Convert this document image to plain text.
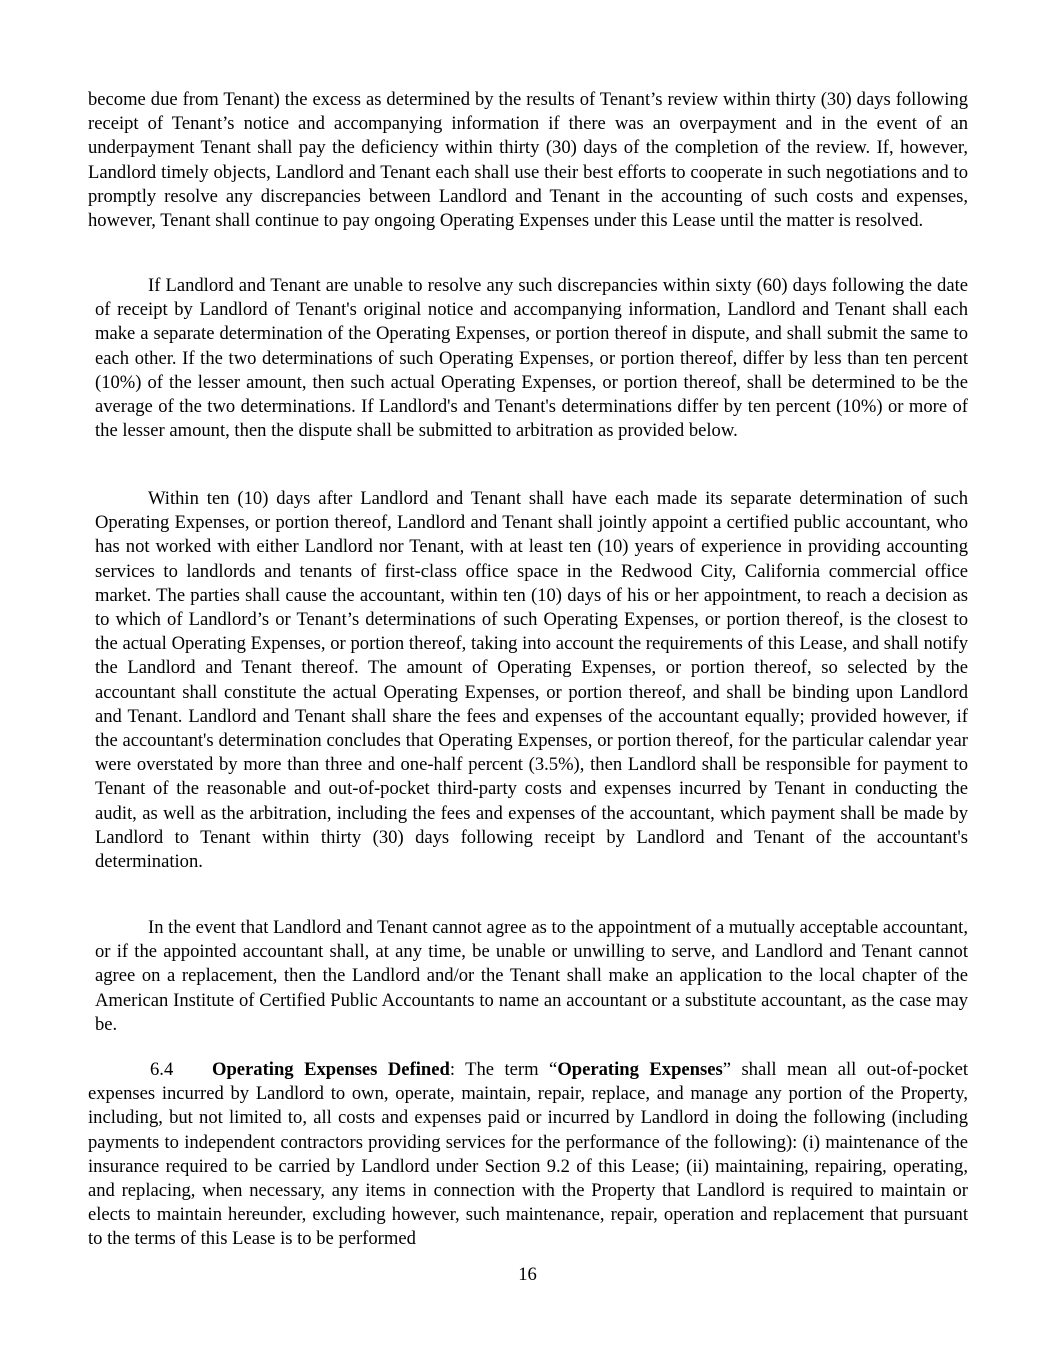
become due from Tenant) the excess as determined by the results of Tenant’s review within thirty (30) days following receipt of Tenant’s notice and accompanying information if there was an overpayment and in the event of an underpayment Tenant shall pay the deficiency within thirty (30) days of the completion of the review. If, however, Landlord timely objects, Landlord and Tenant each shall use their best efforts to cooperate in such negotiations and to promptly resolve any discrepancies between Landlord and Tenant in the accounting of such costs and expenses, however, Tenant shall continue to pay ongoing Operating Expenses under this Lease until the matter is resolved.

If Landlord and Tenant are unable to resolve any such discrepancies within sixty (60) days following the date of receipt by Landlord of Tenant's original notice and accompanying information, Landlord and Tenant shall each make a separate determination of the Operating Expenses, or portion thereof in dispute, and shall submit the same to each other. If the two determinations of such Operating Expenses, or portion thereof, differ by less than ten percent (10%) of the lesser amount, then such actual Operating Expenses, or portion thereof, shall be determined to be the average of the two determinations. If Landlord's and Tenant's determinations differ by ten percent (10%) or more of the lesser amount, then the dispute shall be submitted to arbitration as provided below.

Within ten (10) days after Landlord and Tenant shall have each made its separate determination of such Operating Expenses, or portion thereof, Landlord and Tenant shall jointly appoint a certified public accountant, who has not worked with either Landlord nor Tenant, with at least ten (10) years of experience in providing accounting services to landlords and tenants of first-class office space in the Redwood City, California commercial office market. The parties shall cause the accountant, within ten (10) days of his or her appointment, to reach a decision as to which of Landlord’s or Tenant’s determinations of such Operating Expenses, or portion thereof, is the closest to the actual Operating Expenses, or portion thereof, taking into account the requirements of this Lease, and shall notify the Landlord and Tenant thereof. The amount of Operating Expenses, or portion thereof, so selected by the accountant shall constitute the actual Operating Expenses, or portion thereof, and shall be binding upon Landlord and Tenant. Landlord and Tenant shall share the fees and expenses of the accountant equally; provided however, if the accountant's determination concludes that Operating Expenses, or portion thereof, for the particular calendar year were overstated by more than three and one-half percent (3.5%), then Landlord shall be responsible for payment to Tenant of the reasonable and out-of-pocket third-party costs and expenses incurred by Tenant in conducting the audit, as well as the arbitration, including the fees and expenses of the accountant, which payment shall be made by Landlord to Tenant within thirty (30) days following receipt by Landlord and Tenant of the accountant's determination.

In the event that Landlord and Tenant cannot agree as to the appointment of a mutually acceptable accountant, or if the appointed accountant shall, at any time, be unable or unwilling to serve, and Landlord and Tenant cannot agree on a replacement, then the Landlord and/or the Tenant shall make an application to the local chapter of the American Institute of Certified Public Accountants to name an accountant or a substitute accountant, as the case may be.

6.4 Operating Expenses Defined: The term “Operating Expenses” shall mean all out-of-pocket expenses incurred by Landlord to own, operate, maintain, repair, replace, and manage any portion of the Property, including, but not limited to, all costs and expenses paid or incurred by Landlord in doing the following (including payments to independent contractors providing services for the performance of the following): (i) maintenance of the insurance required to be carried by Landlord under Section 9.2 of this Lease; (ii) maintaining, repairing, operating, and replacing, when necessary, any items in connection with the Property that Landlord is required to maintain or elects to maintain hereunder, excluding however, such maintenance, repair, operation and replacement that pursuant to the terms of this Lease is to be performed

16
